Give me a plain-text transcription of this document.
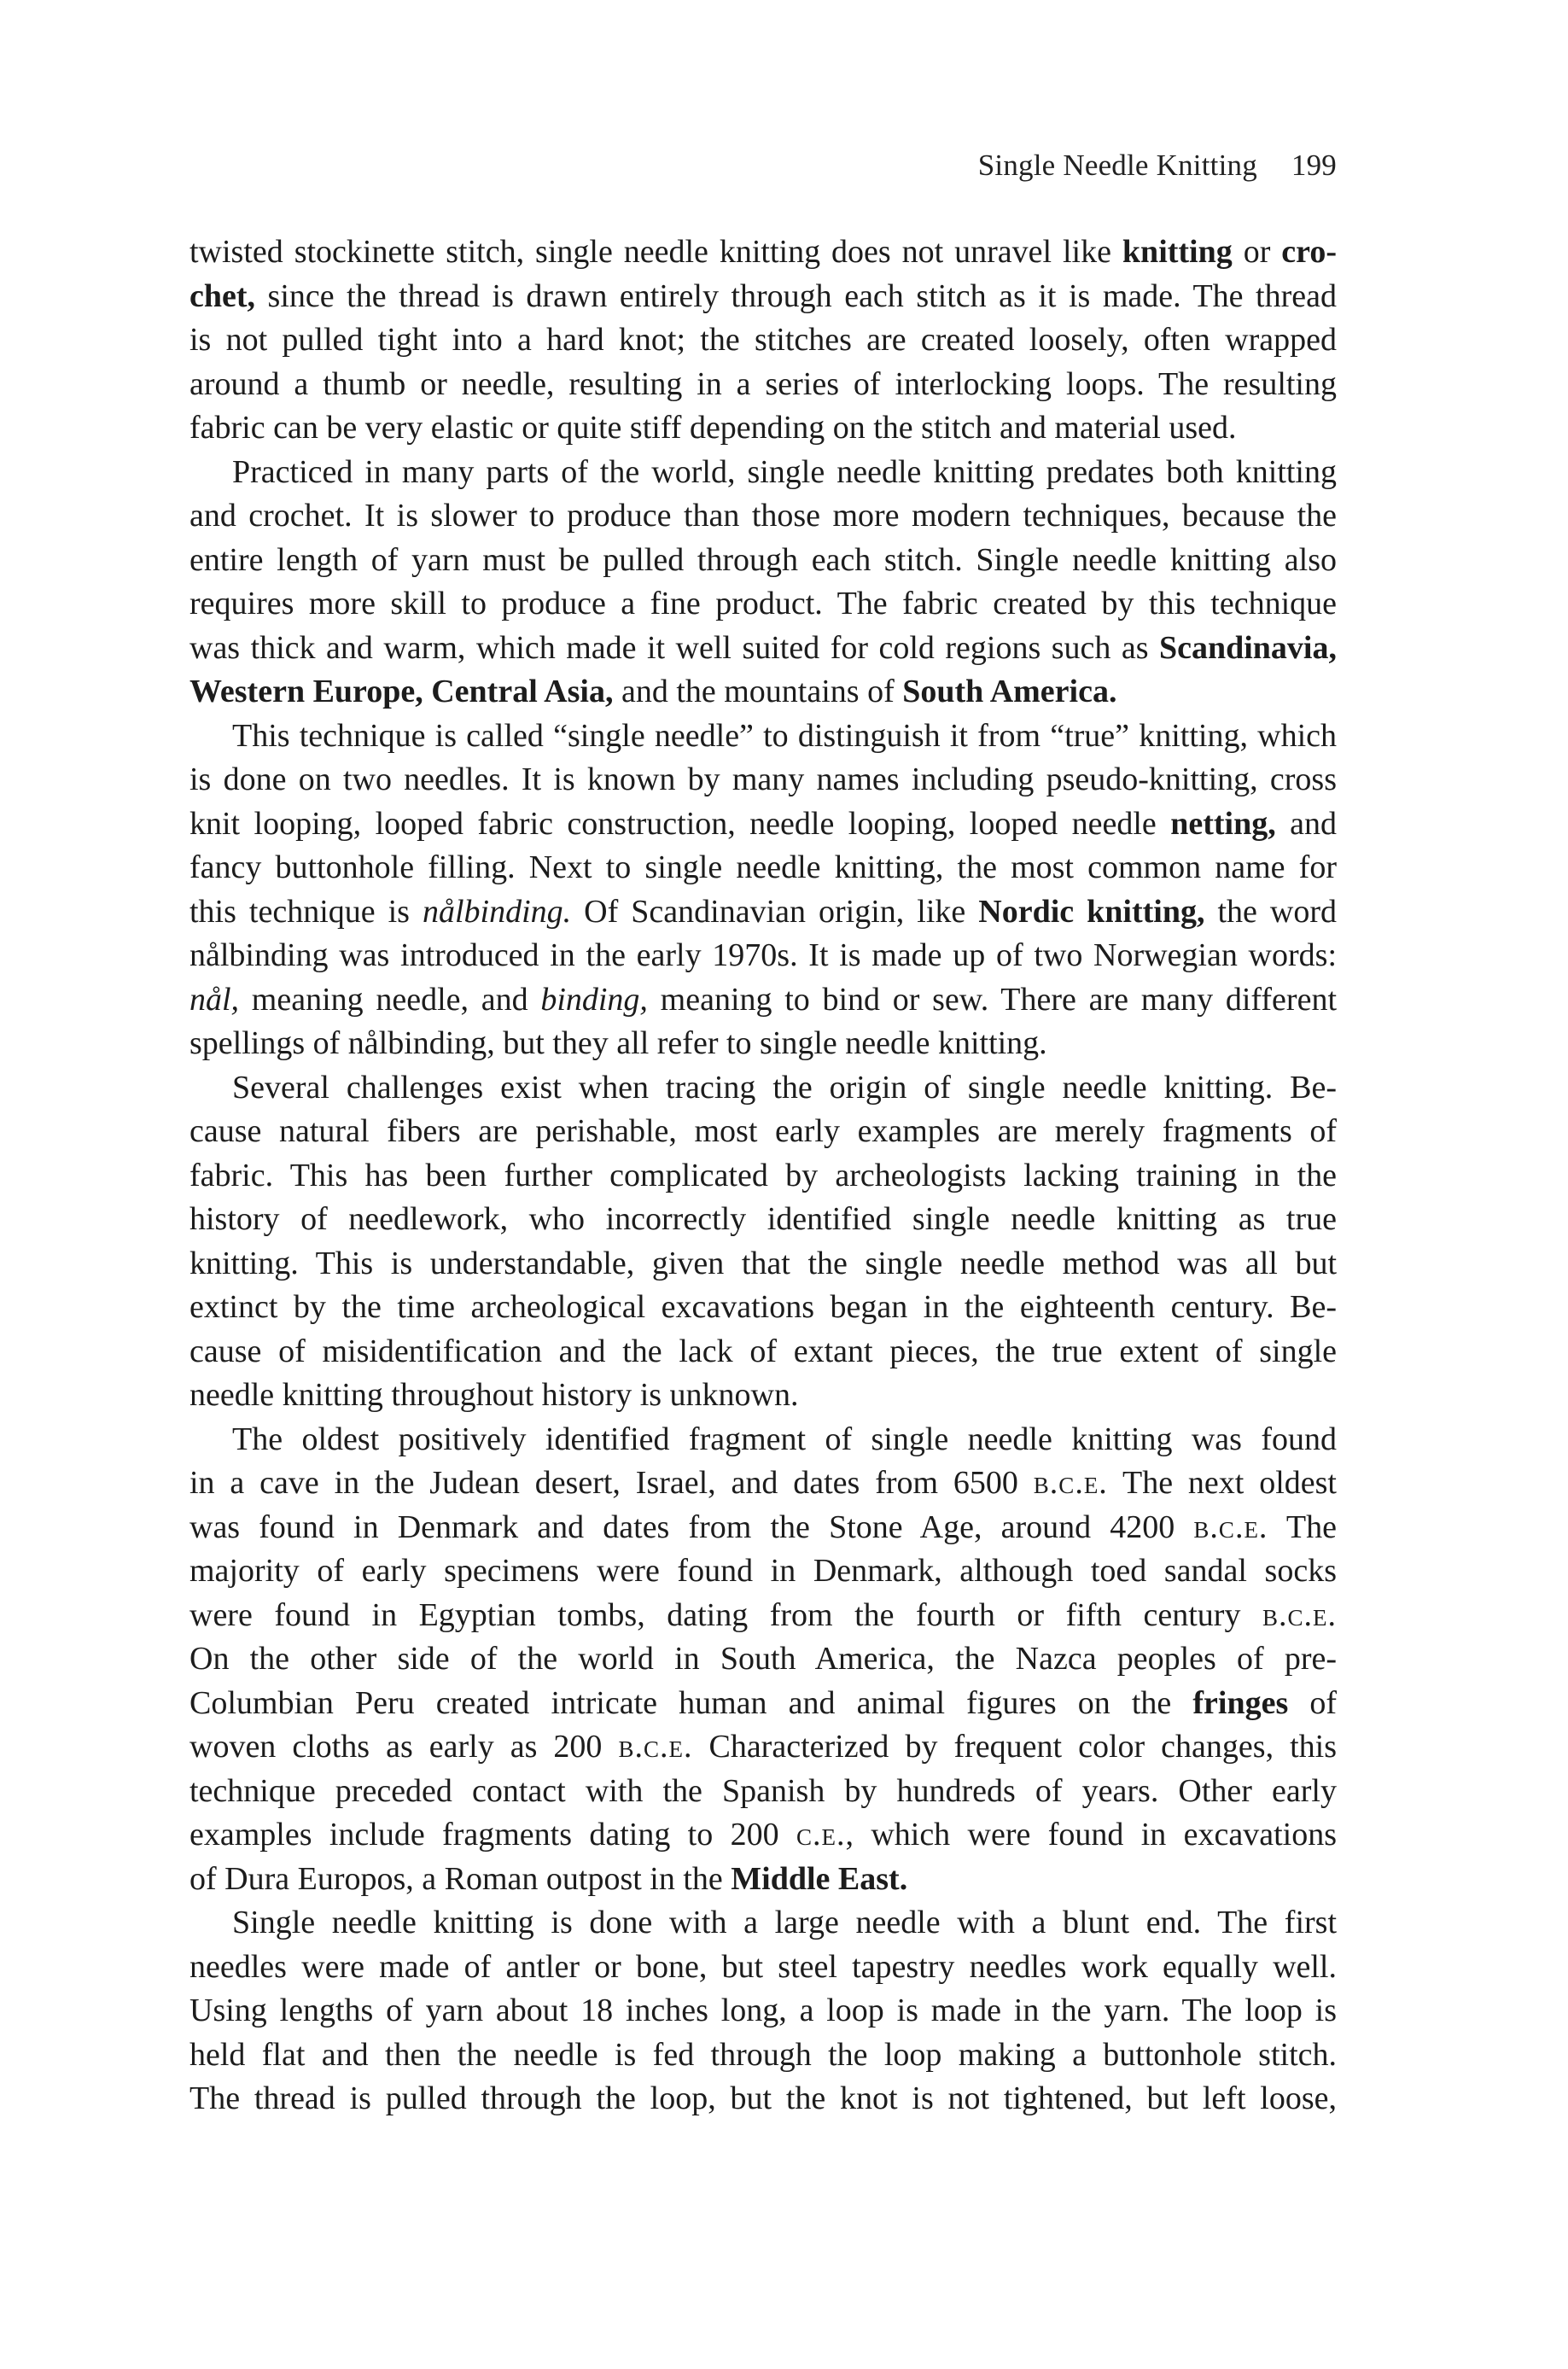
Single Needle Knitting 199
twisted stockinette stitch, single needle knitting does not unravel like knitting or cro-
chet, since the thread is drawn entirely through each stitch as it is made. The thread
is not pulled tight into a hard knot; the stitches are created loosely, often wrapped
around a thumb or needle, resulting in a series of interlocking loops. The resulting
fabric can be very elastic or quite stiff depending on the stitch and material used.
Practiced in many parts of the world, single needle knitting predates both knitting
and crochet. It is slower to produce than those more modern techniques, because the
entire length of yarn must be pulled through each stitch. Single needle knitting also
requires more skill to produce a fine product. The fabric created by this technique
was thick and warm, which made it well suited for cold regions such as Scandinavia,
Western Europe, Central Asia, and the mountains of South America.
This technique is called “single needle” to distinguish it from “true” knitting, which
is done on two needles. It is known by many names including pseudo-knitting, cross
knit looping, looped fabric construction, needle looping, looped needle netting, and
fancy buttonhole filling. Next to single needle knitting, the most common name for
this technique is nålbinding. Of Scandinavian origin, like Nordic knitting, the word
nålbinding was introduced in the early 1970s. It is made up of two Norwegian words:
nål, meaning needle, and binding, meaning to bind or sew. There are many different
spellings of nålbinding, but they all refer to single needle knitting.
Several challenges exist when tracing the origin of single needle knitting. Be-
cause natural fibers are perishable, most early examples are merely fragments of
fabric. This has been further complicated by archeologists lacking training in the
history of needlework, who incorrectly identified single needle knitting as true
knitting. This is understandable, given that the single needle method was all but
extinct by the time archeological excavations began in the eighteenth century. Be-
cause of misidentification and the lack of extant pieces, the true extent of single
needle knitting throughout history is unknown.
The oldest positively identified fragment of single needle knitting was found
in a cave in the Judean desert, Israel, and dates from 6500 b.c.e. The next oldest
was found in Denmark and dates from the Stone Age, around 4200 b.c.e. The
majority of early specimens were found in Denmark, although toed sandal socks
were found in Egyptian tombs, dating from the fourth or fifth century b.c.e.
On the other side of the world in South America, the Nazca peoples of pre-
Columbian Peru created intricate human and animal figures on the fringes of
woven cloths as early as 200 b.c.e. Characterized by frequent color changes, this
technique preceded contact with the Spanish by hundreds of years. Other early
examples include fragments dating to 200 c.e., which were found in excavations
of Dura Europos, a Roman outpost in the Middle East.
Single needle knitting is done with a large needle with a blunt end. The first
needles were made of antler or bone, but steel tapestry needles work equally well.
Using lengths of yarn about 18 inches long, a loop is made in the yarn. The loop is
held flat and then the needle is fed through the loop making a buttonhole stitch.
The thread is pulled through the loop, but the knot is not tightened, but left loose,
